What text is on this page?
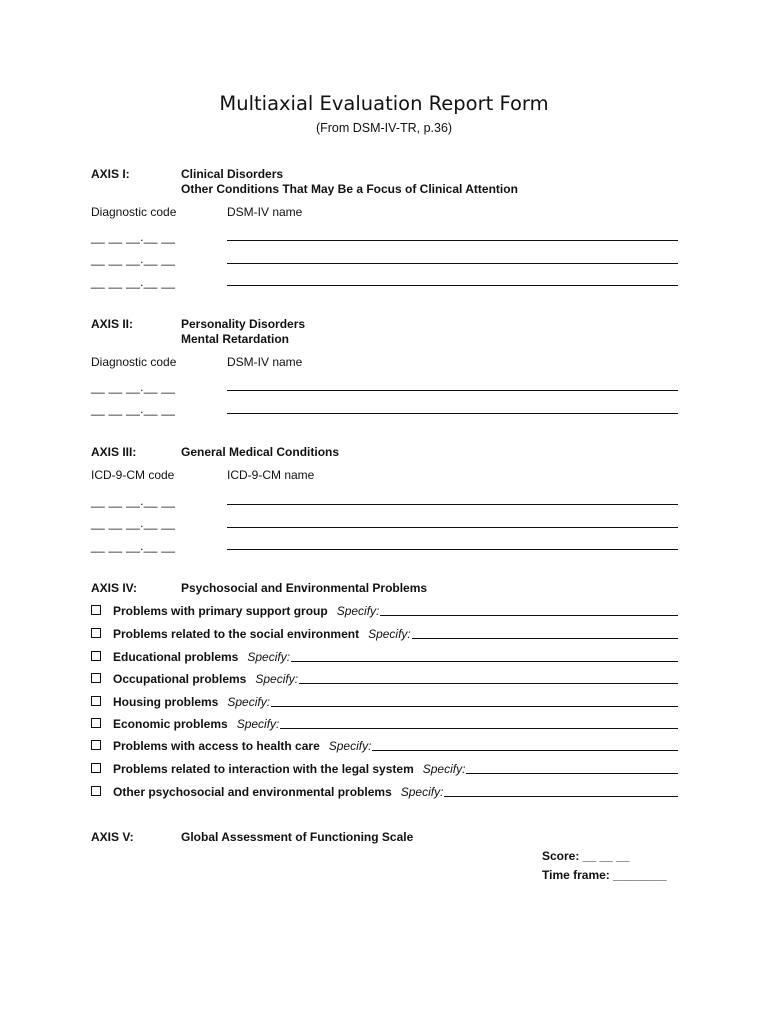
Multiaxial Evaluation Report Form
(From DSM-IV-TR, p.36)
AXIS I:	Clinical Disorders
Other Conditions That May Be a Focus of Clinical Attention
Diagnostic code	DSM-IV name
__ __ __.__ __
__ __ __.__ __
__ __ __.__ __
AXIS II:	Personality Disorders
Mental Retardation
Diagnostic code	DSM-IV name
__ __ __.__ __
__ __ __.__ __
AXIS III:	General Medical Conditions
ICD-9-CM code	ICD-9-CM name
__ __ __.__ __
__ __ __.__ __
__ __ __.__ __
AXIS IV:	Psychosocial and Environmental Problems
Problems with primary support group Specify:
Problems related to the social environment Specify:
Educational problems Specify:
Occupational problems Specify:
Housing problems Specify:
Economic problems Specify:
Problems with access to health care Specify:
Problems related to interaction with the legal system Specify:
Other psychosocial and environmental problems Specify:
AXIS V:	Global Assessment of Functioning Scale
Score: __ __ __
Time frame: ________
